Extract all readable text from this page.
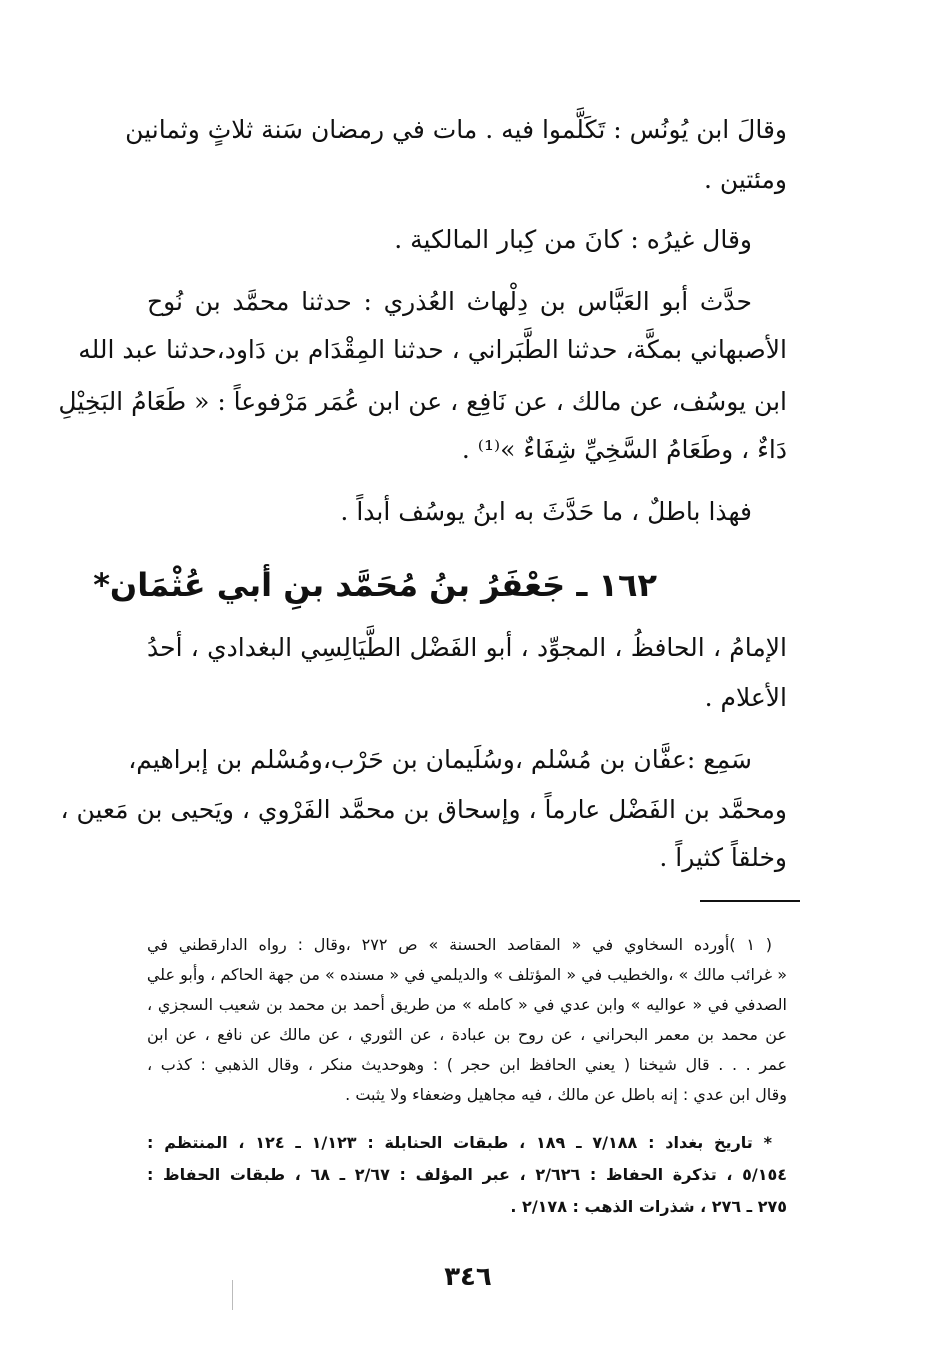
وقالَ ابن يُونُس : تَكَلَّموا فيه . مات في رمضان سَنة ثلاثٍ وثمانين
ومئتين .
وقال غيرُه : كانَ من كِبار المالكية .
حدَّث أبو العَبَّاس بن دِلْهاث العُذري : حدثنا محمَّد بن نُوح
الأصبهاني بمكَّة، حدثنا الطَّبَراني ، حدثنا المِقْدَام بن دَاود،حدثنا عبد الله
ابن يوسُف، عن مالك ، عن نَافِع ، عن ابن عُمَر مَرْفوعاً : « طَعَامُ البَخِيْلِ
دَاءٌ ، وطَعَامُ السَّخِيِّ شِفَاءٌ »⁽¹⁾ .
فهذا باطلٌ ، ما حَدَّثَ به ابنُ يوسُف أبداً .
١٦٢ ـ جَعْفَرُ بنُ مُحَمَّد بنِ أبي عُثْمَان*
الإمامُ ، الحافظُ ، المجوِّد ، أبو الفَضْل الطَّيَالِسِي البغدادي ، أحدُ
الأعلام .
سَمِع :عفَّان بن مُسْلم ،وسُلَيمان بن حَرْب،ومُسْلم بن إبراهيم،
ومحمَّد بن الفَضْل عارماً ، وإسحاق بن محمَّد الفَرْوي ، ويَحيى بن مَعين ،
وخلقاً كثيراً .
( ١ )أورده السخاوي في « المقاصد الحسنة » ص ٢٧٢ ،وقال : رواه الدارقطني في
« غرائب مالك » ،والخطيب في « المؤتلف » والديلمي في « مسنده » من جهة الحاكم ، وأبو علي
الصدفي في « عواليه » وابن عدي في « كامله » من طريق أحمد بن محمد بن شعيب السجزي ،
عن محمد بن معمر البحراني ، عن روح بن عبادة ، عن الثوري ، عن مالك عن نافع ، عن ابن
عمر . . . قال شيخنا ( يعني الحافظ ابن حجر ) : وهوحديث منكر ، وقال الذهبي : كذب ،
وقال ابن عدي : إنه باطل عن مالك ، فيه مجاهيل وضعفاء ولا يثبت .
* تاريخ بغداد : ٧/١٨٨ ـ ١٨٩ ، طبقات الحنابلة : ١/١٢٣ ـ ١٢٤ ، المنتظم :
٥/١٥٤ ، تذكرة الحفاظ : ٢/٦٢٦ ، عبر المؤلف : ٢/٦٧ ـ ٦٨ ، طبقات الحفاظ :
٢٧٥ ـ ٢٧٦ ، شذرات الذهب : ٢/١٧٨ .
٣٤٦
